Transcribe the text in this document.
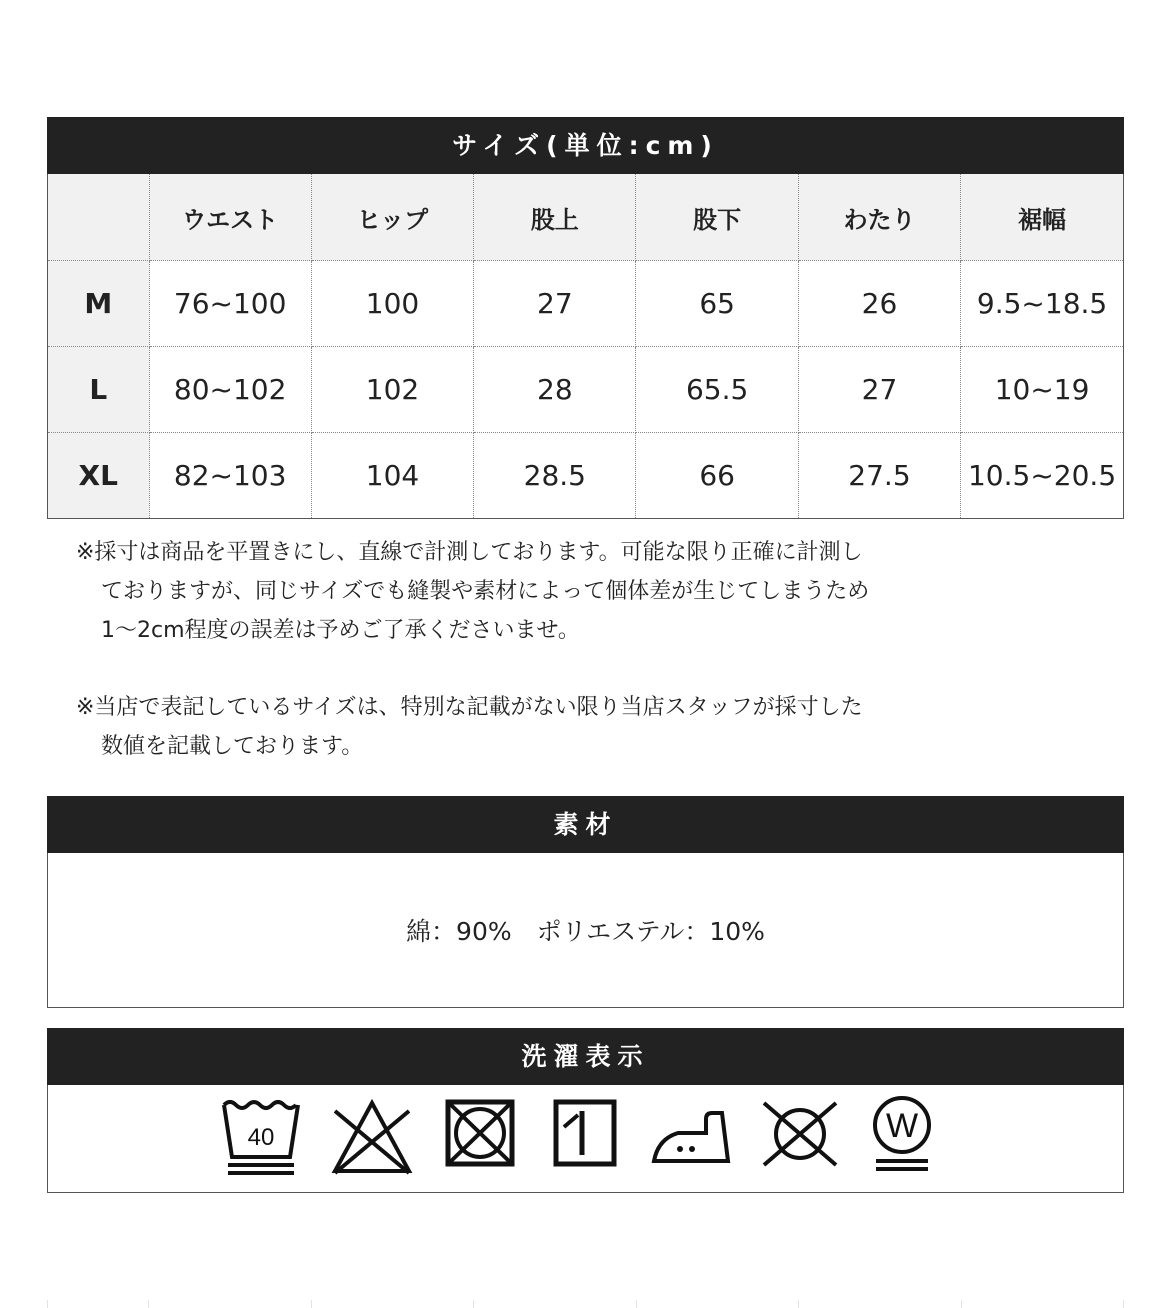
サイズ(単位:cm)
	ウエスト	ヒップ	股上	股下	わたり	裾幅
M	76~100	100	27	65	26	9.5~18.5
L	80~102	102	28	65.5	27	10~19
XL	82~103	104	28.5	66	27.5	10.5~20.5

※採寸は商品を平置きにし、直線で計測しております。可能な限り正確に計測し

ておりますが、同じサイズでも縫製や素材によって個体差が生じてしまうため

1～2cm程度の誤差は予めご了承くださいませ。

※当店で表記しているサイズは、特別な記載がない限り当店スタッフが採寸した

数値を記載しております。

素材
綿：90%　ポリエステル：10%
洗濯表示
40	W
